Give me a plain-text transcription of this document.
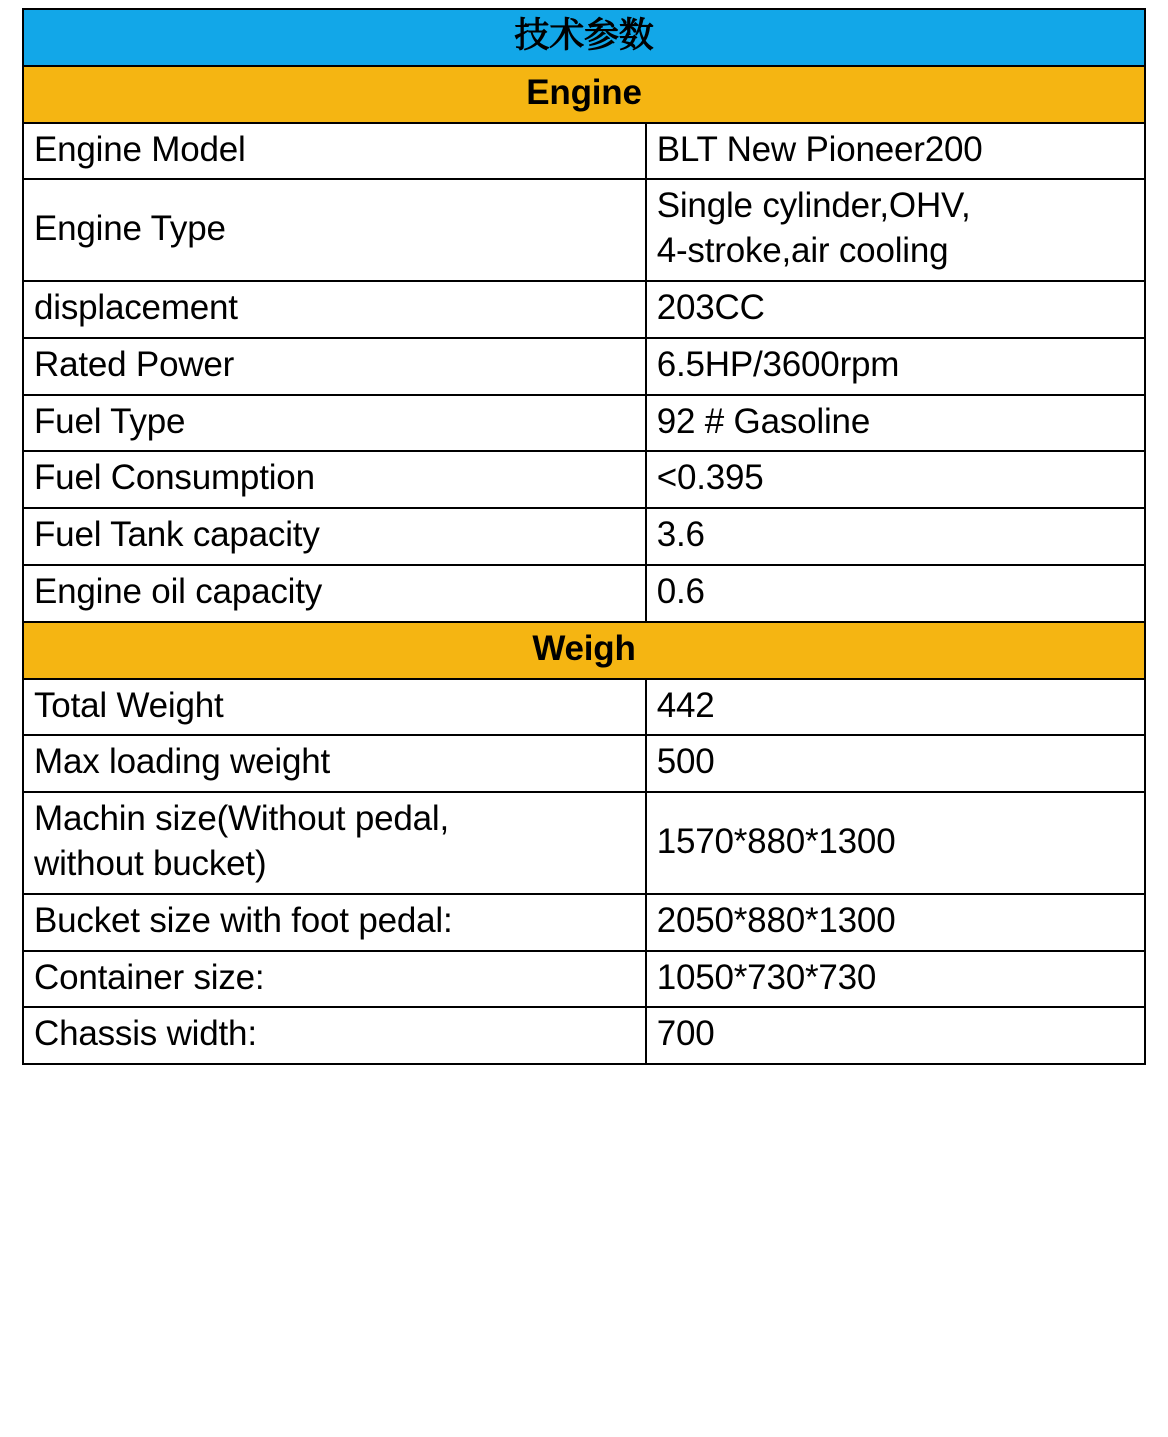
技术参数	
Engine	
Engine Model	BLT New Pioneer200
Engine Type	Single cylinder,OHV,
4-stroke,air cooling
displacement	203CC
Rated Power	6.5HP/3600rpm
Fuel Type	92 # Gasoline
Fuel Consumption	<0.395
Fuel Tank capacity	3.6
Engine oil capacity	0.6
Weigh	
Total Weight	442
Max loading weight	500
Machin size(Without pedal,
without bucket)	1570*880*1300
Bucket size with foot pedal:	2050*880*1300
Container size:	1050*730*730
Chassis width:	700
